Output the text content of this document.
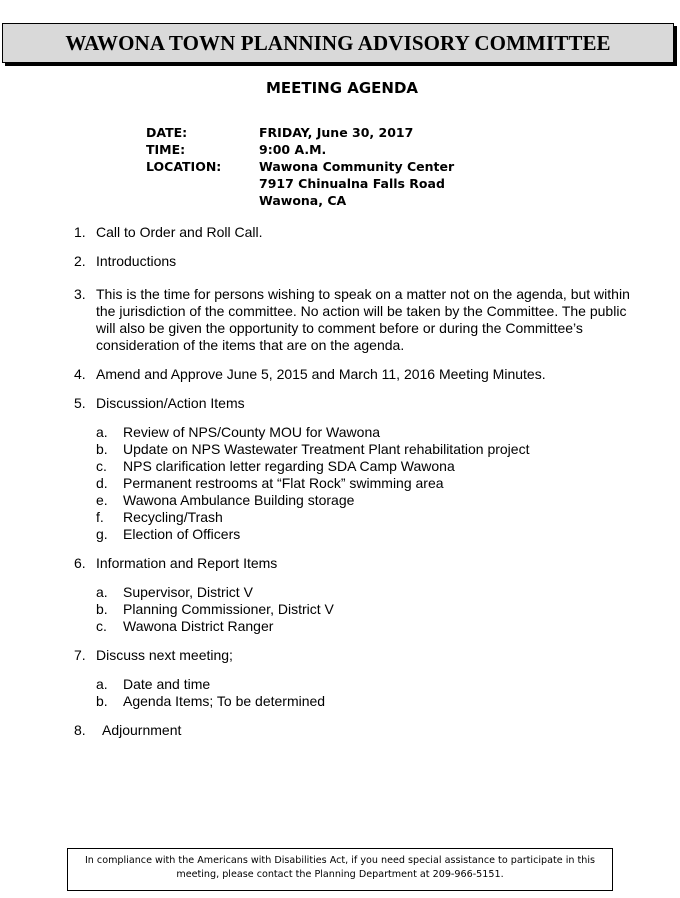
WAWONA TOWN PLANNING ADVISORY COMMITTEE
MEETING AGENDA
DATE:	FRIDAY, June 30, 2017
TIME:	9:00 A.M.
LOCATION:	Wawona Community Center
7917 Chinualna Falls Road
Wawona, CA
1. Call to Order and Roll Call.
2. Introductions
3. This is the time for persons wishing to speak on a matter not on the agenda, but within the jurisdiction of the committee. No action will be taken by the Committee. The public will also be given the opportunity to comment before or during the Committee’s consideration of the items that are on the agenda.
4. Amend and Approve June 5, 2015 and March 11, 2016 Meeting Minutes.
5. Discussion/Action Items
a.	Review of NPS/County MOU for Wawona
b.	Update on NPS Wastewater Treatment Plant rehabilitation project
c.	NPS clarification letter regarding SDA Camp Wawona
d.	Permanent restrooms at “Flat Rock” swimming area
e.	Wawona Ambulance Building storage
f.	Recycling/Trash
g.	Election of Officers
6. Information and Report Items
a.	Supervisor, District V
b.	Planning Commissioner, District V
c.	Wawona District Ranger
7. Discuss next meeting;
a.	Date and time
b.	Agenda Items; To be determined
8.	Adjournment
In compliance with the Americans with Disabilities Act, if you need special assistance to participate in this
meeting, please contact the Planning Department at 209-966-5151.
